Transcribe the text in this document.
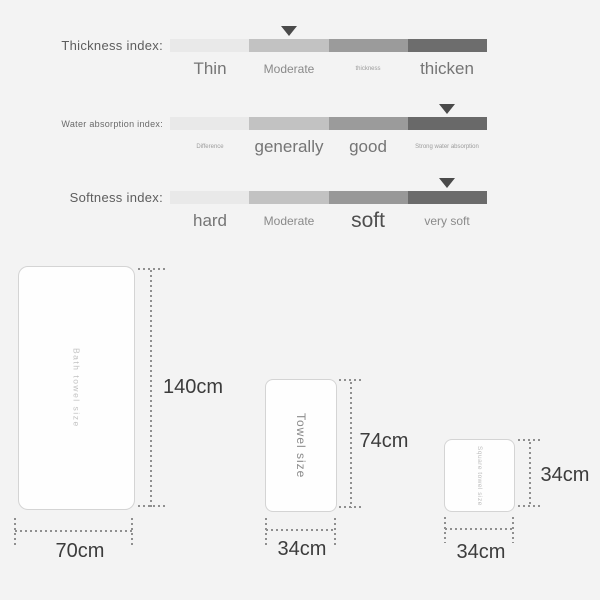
Thickness index:
Thin	Moderate	thickness thicken
Water absorption index:
Difference generally good	Strong water absorption
Softness index:
hard	Moderate soft	very soft
Bath towel size	140cm
70cm
Towel size	74cm
34cm
Square towel size	34cm
34cm
